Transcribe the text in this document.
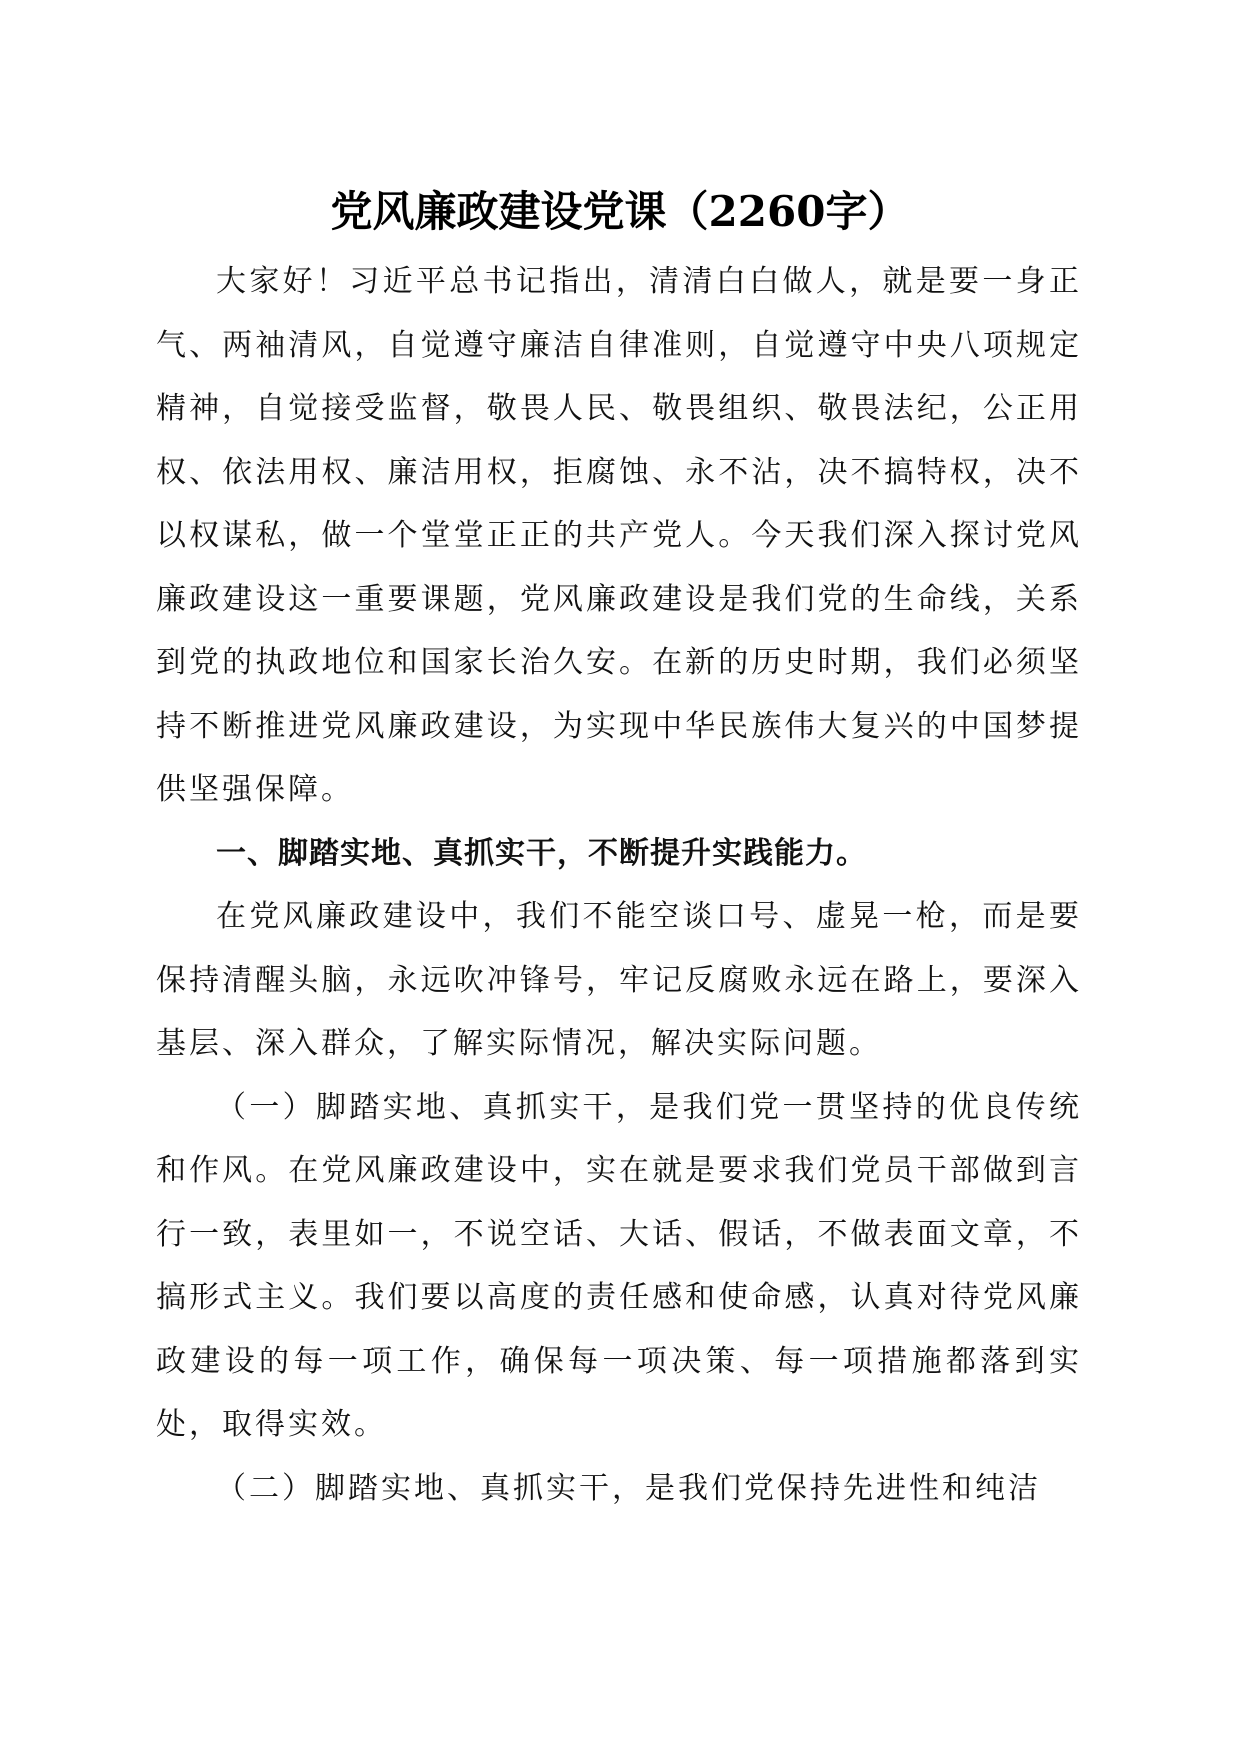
党风廉政建设党课（2260字）

大家好！习近平总书记指出，清清白白做人，就是要一身正气、两袖清风，自觉遵守廉洁自律准则，自觉遵守中央八项规定精神，自觉接受监督，敬畏人民、敬畏组织、敬畏法纪，公正用权、依法用权、廉洁用权，拒腐蚀、永不沾，决不搞特权，决不以权谋私，做一个堂堂正正的共产党人。今天我们深入探讨党风廉政建设这一重要课题，党风廉政建设是我们党的生命线，关系到党的执政地位和国家长治久安。在新的历史时期，我们必须坚持不断推进党风廉政建设，为实现中华民族伟大复兴的中国梦提供坚强保障。

一、脚踏实地、真抓实干，不断提升实践能力。

在党风廉政建设中，我们不能空谈口号、虚晃一枪，而是要保持清醒头脑，永远吹冲锋号，牢记反腐败永远在路上，要深入基层、深入群众，了解实际情况，解决实际问题。

（一）脚踏实地、真抓实干，是我们党一贯坚持的优良传统和作风。在党风廉政建设中，实在就是要求我们党员干部做到言行一致，表里如一，不说空话、大话、假话，不做表面文章，不搞形式主义。我们要以高度的责任感和使命感，认真对待党风廉政建设的每一项工作，确保每一项决策、每一项措施都落到实处，取得实效。

（二）脚踏实地、真抓实干，是我们党保持先进性和纯洁
